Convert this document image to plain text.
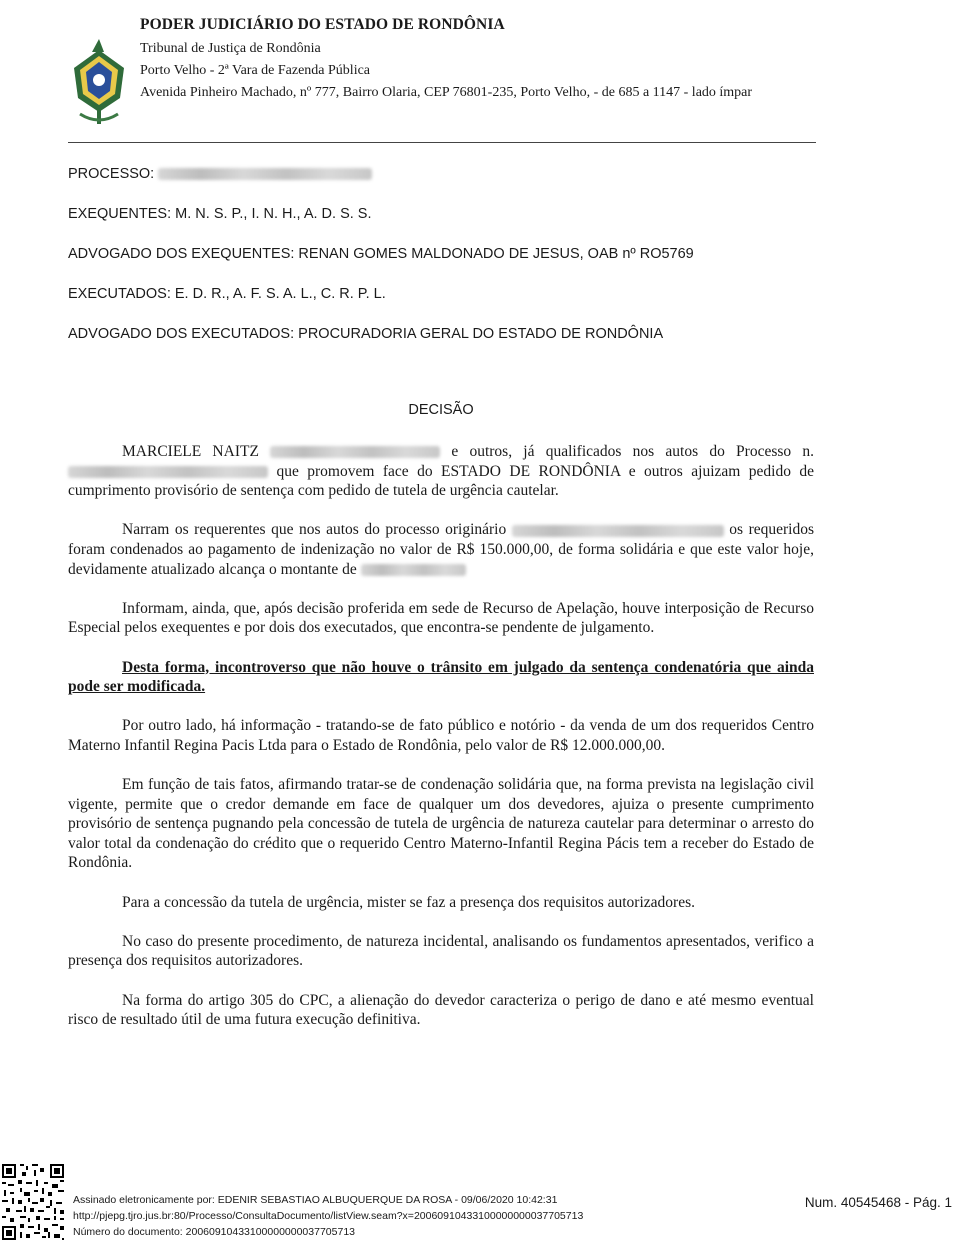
PODER JUDICIÁRIO DO ESTADO DE RONDÔNIA

Tribunal de Justiça de Rondônia

Porto Velho - 2ª Vara de Fazenda Pública

Avenida Pinheiro Machado, nº 777, Bairro Olaria, CEP 76801-235, Porto Velho, - de 685 a 1147 - lado ímpar

PROCESSO:

EXEQUENTES: M. N. S. P., I. N. H., A. D. S. S.

ADVOGADO DOS EXEQUENTES: RENAN GOMES MALDONADO DE JESUS, OAB nº RO5769

EXECUTADOS: E. D. R., A. F. S. A. L., C. R. P. L.

ADVOGADO DOS EXECUTADOS: PROCURADORIA GERAL DO ESTADO DE RONDÔNIA

DECISÃO

MARCIELE NAITZ	e outros, já qualificados nos autos do Processo n.  que promovem face do ESTADO DE RONDÔNIA e outros ajuizam pedido de cumprimento provisório de sentença com pedido de tutela de urgência cautelar.

Narram os requerentes que nos autos do processo originário	os requeridos foram condenados ao pagamento de indenização no valor de R$ 150.000,00, de forma solidária e que este valor hoje, devidamente atualizado alcança o montante de

Informam, ainda, que, após decisão proferida em sede de Recurso de Apelação, houve interposição de Recurso Especial pelos exequentes e por dois dos executados, que encontra-se pendente de julgamento.

Desta forma, incontroverso que não houve o trânsito em julgado da sentença condenatória que ainda pode ser modificada.

Por outro lado, há informação - tratando-se de fato público e notório - da venda de um dos requeridos Centro Materno Infantil Regina Pacis Ltda para o Estado de Rondônia, pelo valor de R$ 12.000.000,00.

Em função de tais fatos, afirmando tratar-se de condenação solidária que, na forma prevista na legislação civil vigente, permite que o credor demande em face de qualquer um dos devedores, ajuiza o presente cumprimento provisório de sentença pugnando pela concessão de tutela de urgência de natureza cautelar para determinar o arresto do valor total da condenação do crédito que o requerido Centro Materno-Infantil Regina Pácis tem a receber do Estado de Rondônia.

Para a concessão da tutela de urgência, mister se faz a presença dos requisitos autorizadores.

No caso do presente procedimento, de natureza incidental, analisando os fundamentos apresentados, verifico a presença dos requisitos autorizadores.

Na forma do artigo 305 do CPC, a alienação do devedor caracteriza o perigo de dano e até mesmo eventual risco de resultado útil de uma futura execução definitiva.

Assinado eletronicamente por: EDENIR SEBASTIAO ALBUQUERQUE DA ROSA - 09/06/2020 10:42:31

http://pjepg.tjro.jus.br:80/Processo/ConsultaDocumento/listView.seam?x=20060910433100000000037705713

Número do documento: 20060910433100000000037705713

Num. 40545468 - Pág. 1
